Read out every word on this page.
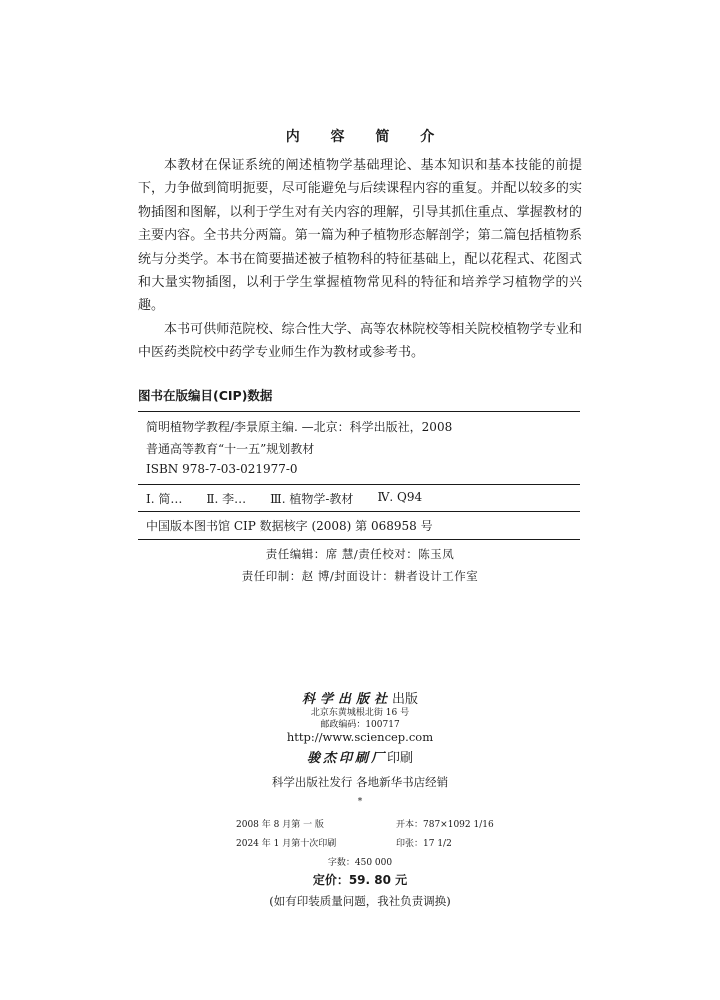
内 容 简 介

本教材在保证系统的阐述植物学基础理论、基本知识和基本技能的前提下，力争做到简明扼要，尽可能避免与后续课程内容的重复。并配以较多的实物插图和图解，以利于学生对有关内容的理解，引导其抓住重点、掌握教材的主要内容。全书共分两篇。第一篇为种子植物形态解剖学；第二篇包括植物系统与分类学。本书在简要描述被子植物科的特征基础上，配以花程式、花图式和大量实物插图，以利于学生掌握植物常见科的特征和培养学习植物学的兴趣。

本书可供师范院校、综合性大学、高等农林院校等相关院校植物学专业和中医药类院校中药学专业师生作为教材或参考书。

图书在版编目(CIP)数据
简明植物学教程/李景原主编. —北京：科学出版社，2008
普通高等教育“十一五”规划教材
ISBN 978-7-03-021977-0
Ⅰ. 简… Ⅱ. 李… Ⅲ. 植物学-教材 Ⅳ. Q94
中国版本图书馆 CIP 数据核字 (2008) 第 068958 号
责任编辑：席 慧/责任校对：陈玉凤
责任印制：赵 博/封面设计：耕者设计工作室
科学出版社出版
北京东黄城根北街 16 号
邮政编码：100717
http://www.sciencep.com
骏杰印刷厂印刷
科学出版社发行 各地新华书店经销
*
2008 年 8 月第 一 版	开本：787×1092 1/16
2024 年 1 月第十次印刷	印张：17 1/2
字数：450 000
定价：59. 80 元
(如有印装质量问题，我社负责调换)
